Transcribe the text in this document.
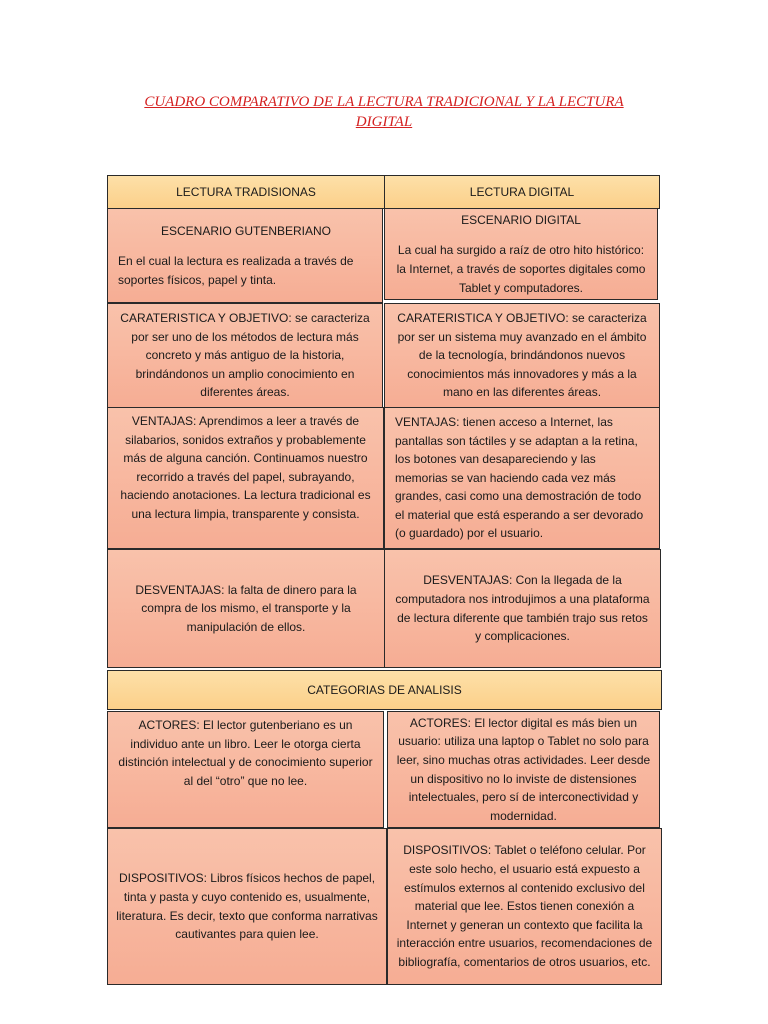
CUADRO COMPARATIVO DE LA LECTURA TRADICIONAL Y LA LECTURA
DIGITAL
LECTURA TRADISIONAS	LECTURA DIGITAL
ESCENARIO GUTENBERIANO
En el cual la lectura es realizada a través de soportes físicos, papel y tinta.
ESCENARIO DIGITAL
La cual ha surgido a raíz de otro hito histórico: la Internet, a través de soportes digitales como Tablet y computadores.
CARATERISTICA Y OBJETIVO: se caracteriza por ser uno de los métodos de lectura más concreto y más antiguo de la historia, brindándonos un amplio conocimiento en diferentes áreas.
CARATERISTICA Y OBJETIVO: se caracteriza por ser un sistema muy avanzado en el ámbito de la tecnología, brindándonos nuevos conocimientos más innovadores y más a la mano en las diferentes áreas.
VENTAJAS: Aprendimos a leer a través de silabarios, sonidos extraños y probablemente más de alguna canción. Continuamos nuestro recorrido a través del papel, subrayando, haciendo anotaciones. La lectura tradicional es una lectura limpia, transparente y consista.
VENTAJAS: tienen acceso a Internet, las pantallas son táctiles y se adaptan a la retina, los botones van desapareciendo y las memorias se van haciendo cada vez más grandes, casi como una demostración de todo el material que está esperando a ser devorado (o guardado) por el usuario.
DESVENTAJAS: la falta de dinero para la compra de los mismo, el transporte y la manipulación de ellos.
DESVENTAJAS: Con la llegada de la computadora nos introdujimos a una plataforma de lectura diferente que también trajo sus retos y complicaciones.
CATEGORIAS DE ANALISIS
ACTORES: El lector gutenberiano es un individuo ante un libro. Leer le otorga cierta distinción intelectual y de conocimiento superior al del “otro” que no lee.
ACTORES: El lector digital es más bien un usuario: utiliza una laptop o Tablet no solo para leer, sino muchas otras actividades. Leer desde un dispositivo no lo inviste de distensiones intelectuales, pero sí de interconectividad y modernidad.
DISPOSITIVOS: Libros físicos hechos de papel, tinta y pasta y cuyo contenido es, usualmente, literatura. Es decir, texto que conforma narrativas cautivantes para quien lee.
DISPOSITIVOS: Tablet o teléfono celular. Por este solo hecho, el usuario está expuesto a estímulos externos al contenido exclusivo del material que lee. Estos tienen conexión a Internet y generan un contexto que facilita la interacción entre usuarios, recomendaciones de bibliografía, comentarios de otros usuarios, etc.
